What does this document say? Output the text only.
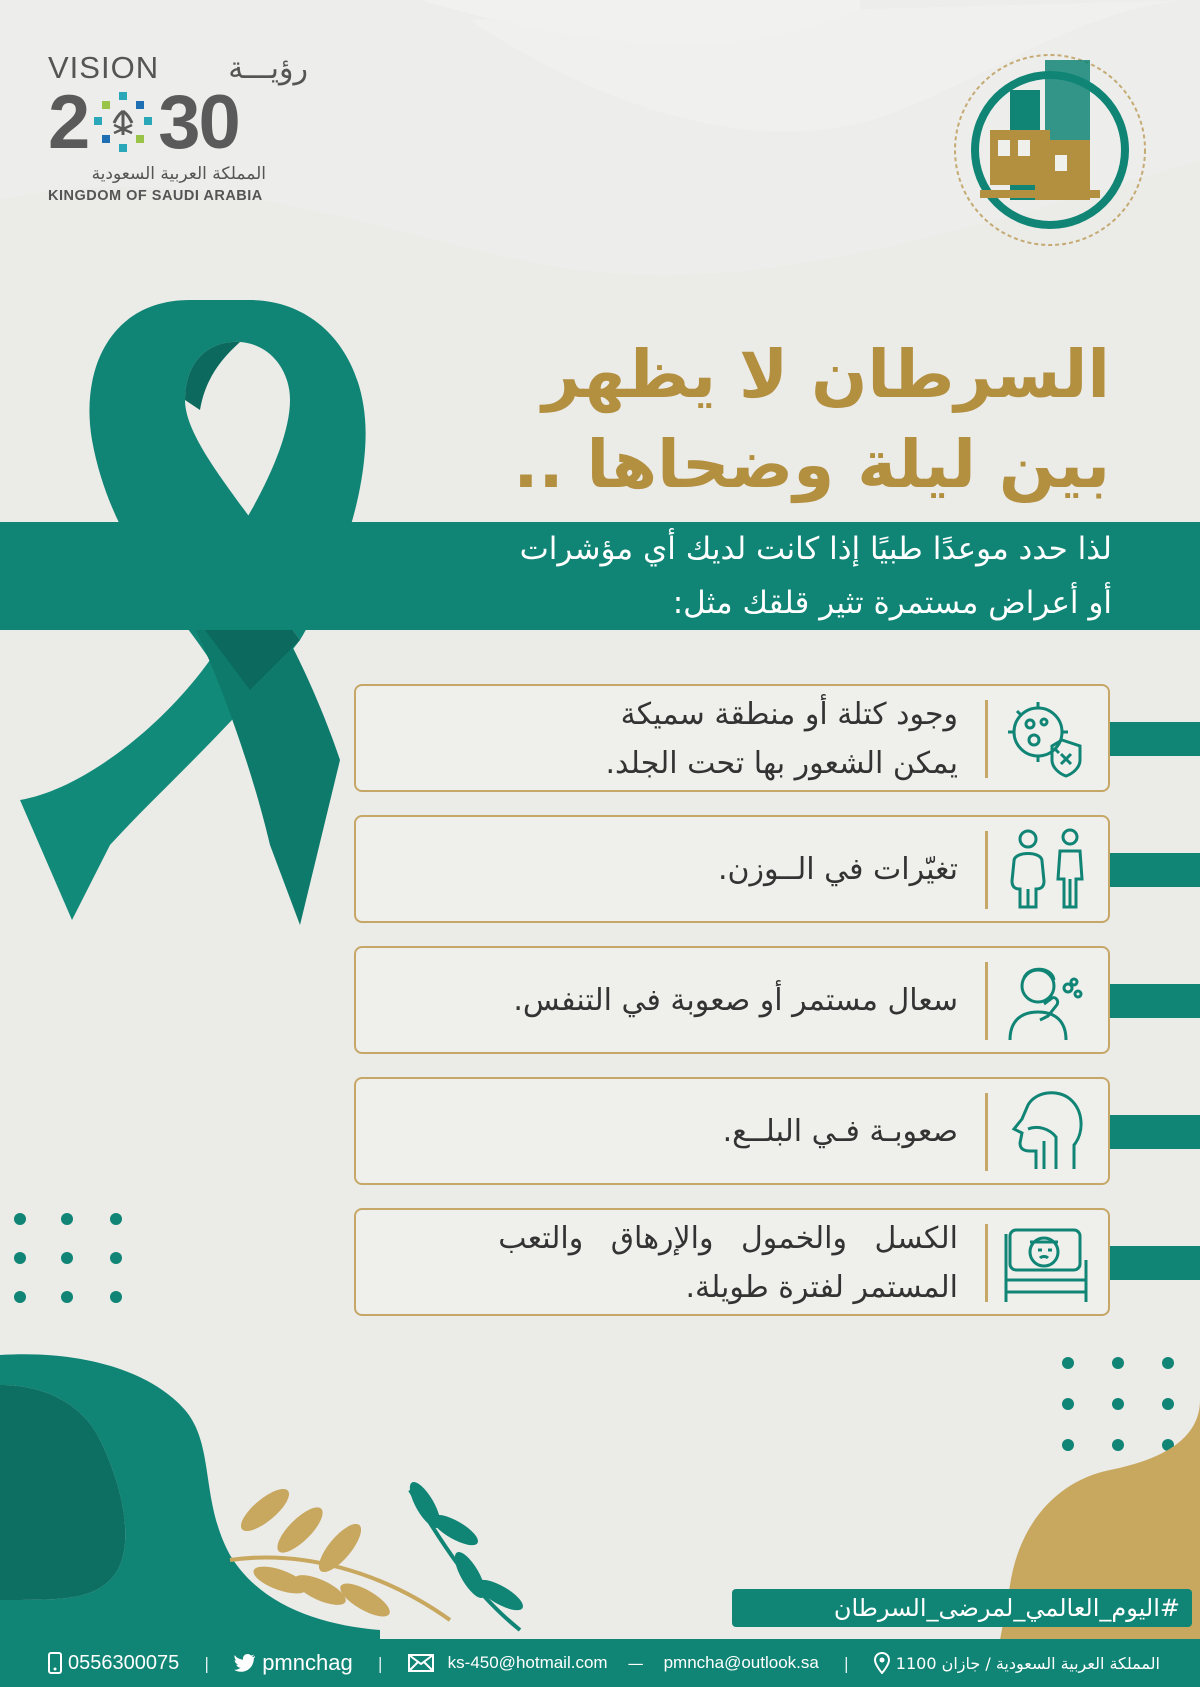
VISION رؤيـــة
2 30
المملكة العربية السعودية
KINGDOM OF SAUDI ARABIA
السرطان لا يظهر
بين ليلة وضحاها ..
لذا حدد موعدًا طبيًا إذا كانت لديك أي مؤشرات
أو أعراض مستمرة تثير قلقك مثل:
وجود كتلة أو منطقة سميكة
يمكن الشعور بها تحت الجلد.
تغيّرات في الــوزن.
سعال مستمر أو صعوبة في التنفس.
صعوبـة فـي البلــع.
الكسل والخمول والإرهاق والتعب
المستمر لفترة طويلة.
#اليوم_العالمي_لمرضى_السرطان
0556300075 | pmnchag |	ks-450@hotmail.com — pmncha@outlook.sa |	المملكة العربية السعودية / جازان 1100
